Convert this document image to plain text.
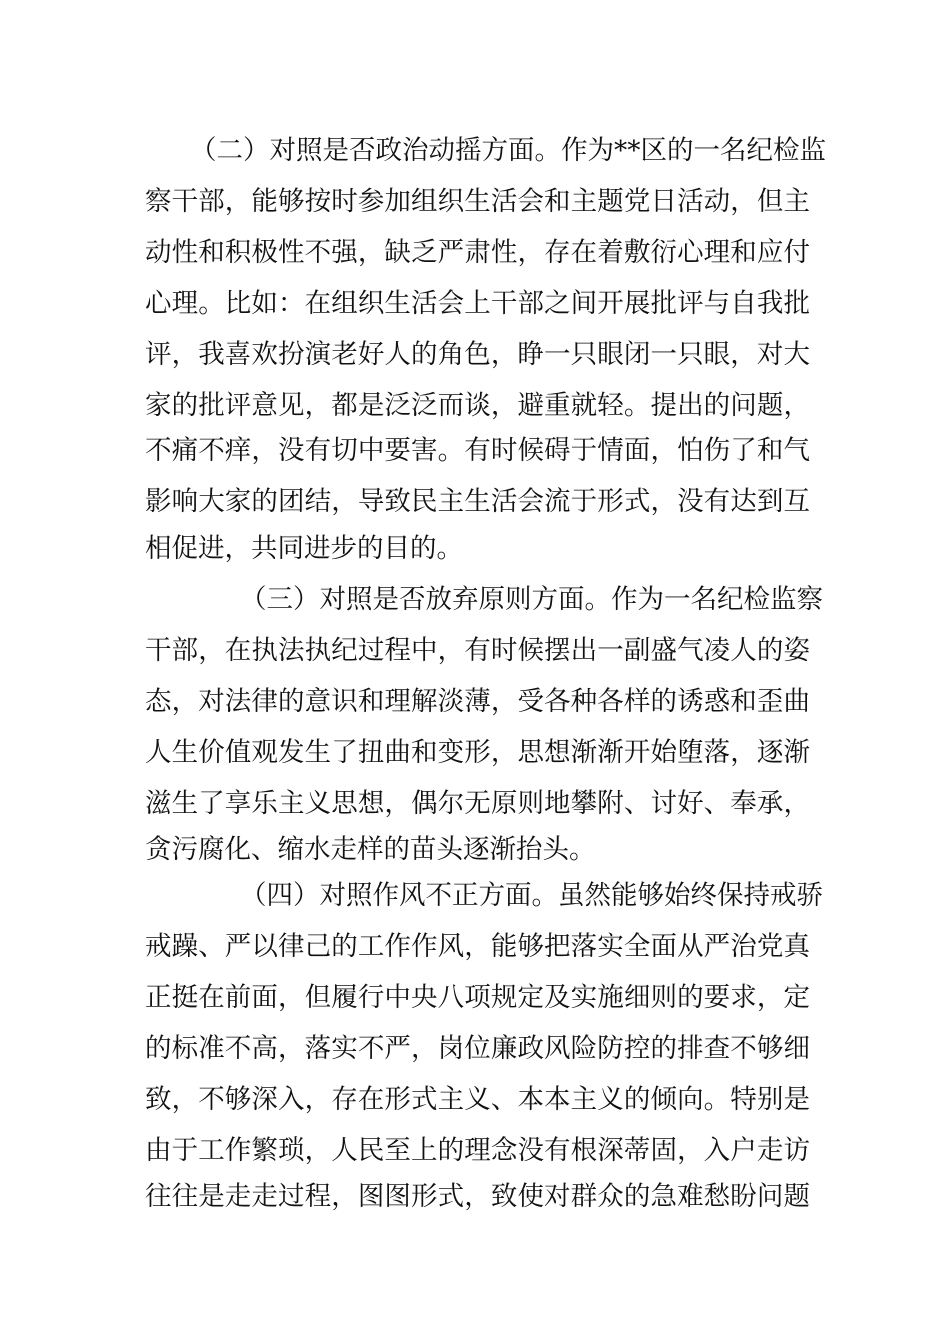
（二）对照是否政治动摇方面。作为**区的一名纪检监
察干部，能够按时参加组织生活会和主题党日活动，但主
动性和积极性不强，缺乏严肃性，存在着敷衍心理和应付
心理。比如：在组织生活会上干部之间开展批评与自我批
评，我喜欢扮演老好人的角色，睁一只眼闭一只眼，对大
家的批评意见，都是泛泛而谈，避重就轻。提出的问题，
不痛不痒，没有切中要害。有时候碍于情面，怕伤了和气
影响大家的团结，导致民主生活会流于形式，没有达到互
相促进，共同进步的目的。
（三）对照是否放弃原则方面。作为一名纪检监察
干部，在执法执纪过程中，有时候摆出一副盛气凌人的姿
态，对法律的意识和理解淡薄，受各种各样的诱惑和歪曲
人生价值观发生了扭曲和变形，思想渐渐开始堕落，逐渐
滋生了享乐主义思想，偶尔无原则地攀附、讨好、奉承，
贪污腐化、缩水走样的苗头逐渐抬头。
（四）对照作风不正方面。虽然能够始终保持戒骄
戒躁、严以律己的工作作风，能够把落实全面从严治党真
正挺在前面，但履行中央八项规定及实施细则的要求，定
的标准不高，落实不严，岗位廉政风险防控的排查不够细
致，不够深入，存在形式主义、本本主义的倾向。特别是
由于工作繁琐，人民至上的理念没有根深蒂固，入户走访
往往是走走过程，图图形式，致使对群众的急难愁盼问题
